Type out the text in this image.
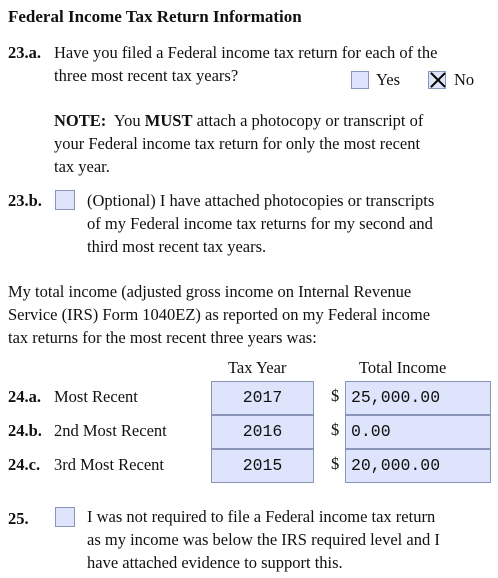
Federal Income Tax Return Information
23.a. Have you filed a Federal income tax return for each of the
three most recent tax years?	Yes	No
NOTE: You MUST attach a photocopy or transcript of
your Federal income tax return for only the most recent
tax year.
23.b.	(Optional) I have attached photocopies or transcripts
of my Federal income tax returns for my second and
third most recent tax years.
My total income (adjusted gross income on Internal Revenue
Service (IRS) Form 1040EZ) as reported on my Federal income
tax returns for the most recent three years was:
Tax Year	Total Income
24.a. Most Recent	2017	$ 25,000.00
24.b. 2nd Most Recent	2016	$ 0.00
24.c. 3rd Most Recent	2015	$ 20,000.00
25.	I was not required to file a Federal income tax return
as my income was below the IRS required level and I
have attached evidence to support this.
